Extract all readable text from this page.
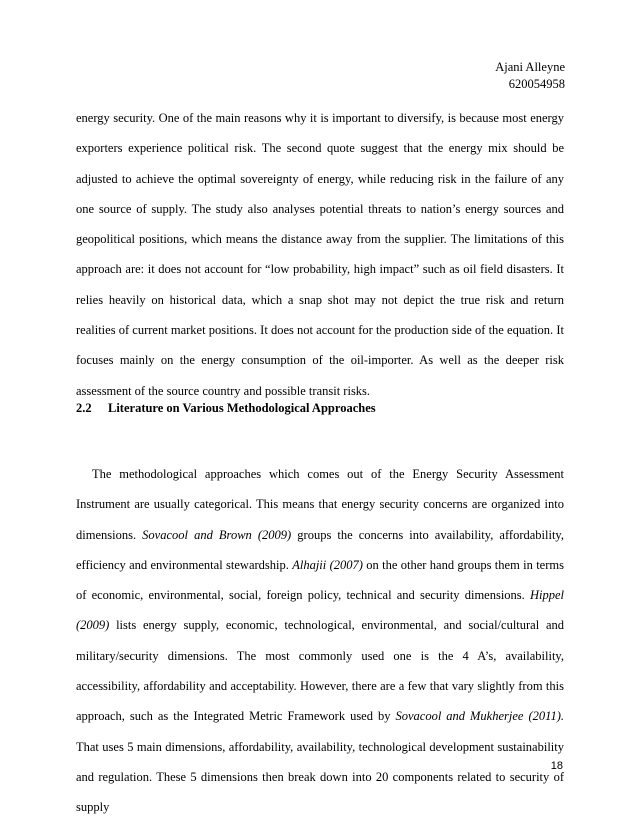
Ajani Alleyne
620054958

energy security. One of the main reasons why it is important to diversify, is because most energy exporters experience political risk. The second quote suggest that the energy mix should be adjusted to achieve the optimal sovereignty of energy, while reducing risk in the failure of any one source of supply. The study also analyses potential threats to nation’s energy sources and geopolitical positions, which means the distance away from the supplier. The limitations of this approach are: it does not account for “low probability, high impact” such as oil field disasters. It relies heavily on historical data, which a snap shot may not depict the true risk and return realities of current market positions. It does not account for the production side of the equation. It focuses mainly on the energy consumption of the oil-importer. As well as the deeper risk assessment of the source country and possible transit risks.

2.2 Literature on Various Methodological Approaches

The methodological approaches which comes out of the Energy Security Assessment Instrument are usually categorical. This means that energy security concerns are organized into dimensions. Sovacool and Brown (2009) groups the concerns into availability, affordability, efficiency and environmental stewardship. Alhajii (2007) on the other hand groups them in terms of economic, environmental, social, foreign policy, technical and security dimensions. Hippel (2009) lists energy supply, economic, technological, environmental, and social/cultural and military/security dimensions. The most commonly used one is the 4 A’s, availability, accessibility, affordability and acceptability. However, there are a few that vary slightly from this approach, such as the Integrated Metric Framework used by Sovacool and Mukherjee (2011). That uses 5 main dimensions, affordability, availability, technological development sustainability and regulation. These 5 dimensions then break down into 20 components related to security of supply

18
